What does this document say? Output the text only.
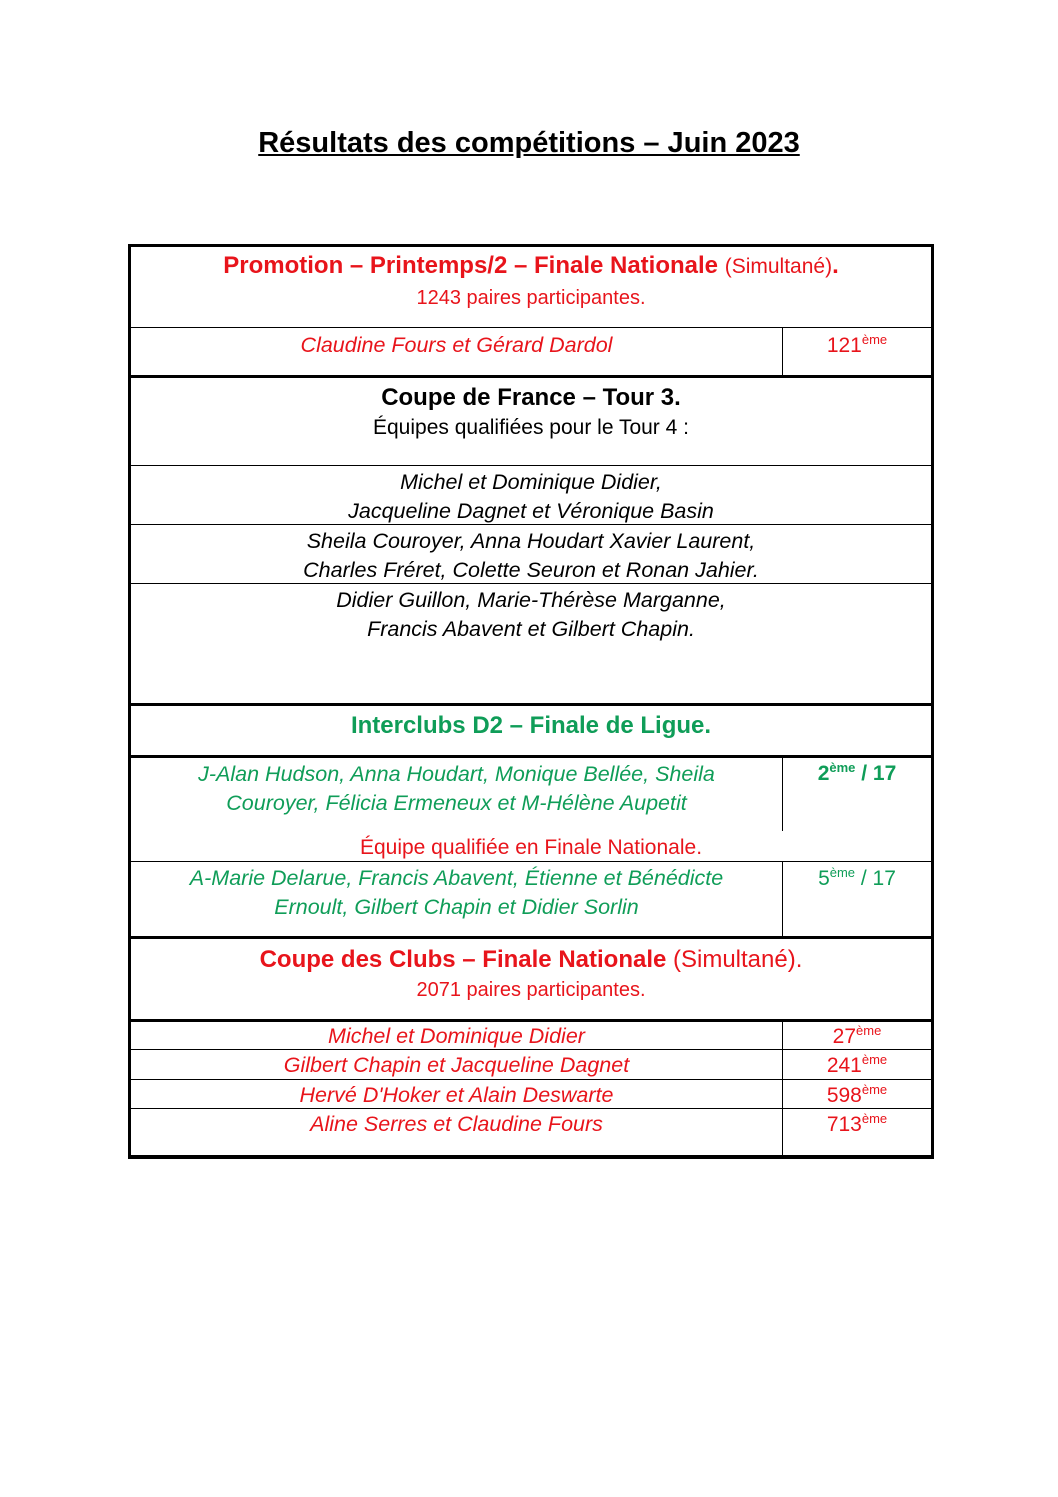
Résultats des compétitions – Juin 2023
Promotion – Printemps/2 – Finale Nationale (Simultané).
1243 paires participantes.
Claudine Fours et Gérard Dardol	121ème
Coupe de France – Tour 3.
Équipes qualifiées pour le Tour 4 :
Michel et Dominique Didier,
Jacqueline Dagnet et Véronique Basin
Sheila Couroyer, Anna Houdart Xavier Laurent,
Charles Fréret, Colette Seuron et Ronan Jahier.
Didier Guillon, Marie-Thérèse Marganne,
Francis Abavent et Gilbert Chapin.
Interclubs D2 – Finale de Ligue.
J-Alan Hudson, Anna Houdart, Monique Bellée, Sheila
Couroyer, Félicia Ermeneux et M-Hélène Aupetit
2ème / 17
Équipe qualifiée en Finale Nationale.
A-Marie Delarue, Francis Abavent, Étienne et Bénédicte
Ernoult, Gilbert Chapin et Didier Sorlin
5ème / 17
Coupe des Clubs – Finale Nationale (Simultané).
2071 paires participantes.
Michel et Dominique Didier	27ème
Gilbert Chapin et Jacqueline Dagnet	241ème
Hervé D'Hoker et Alain Deswarte	598ème
Aline Serres et Claudine Fours	713ème
